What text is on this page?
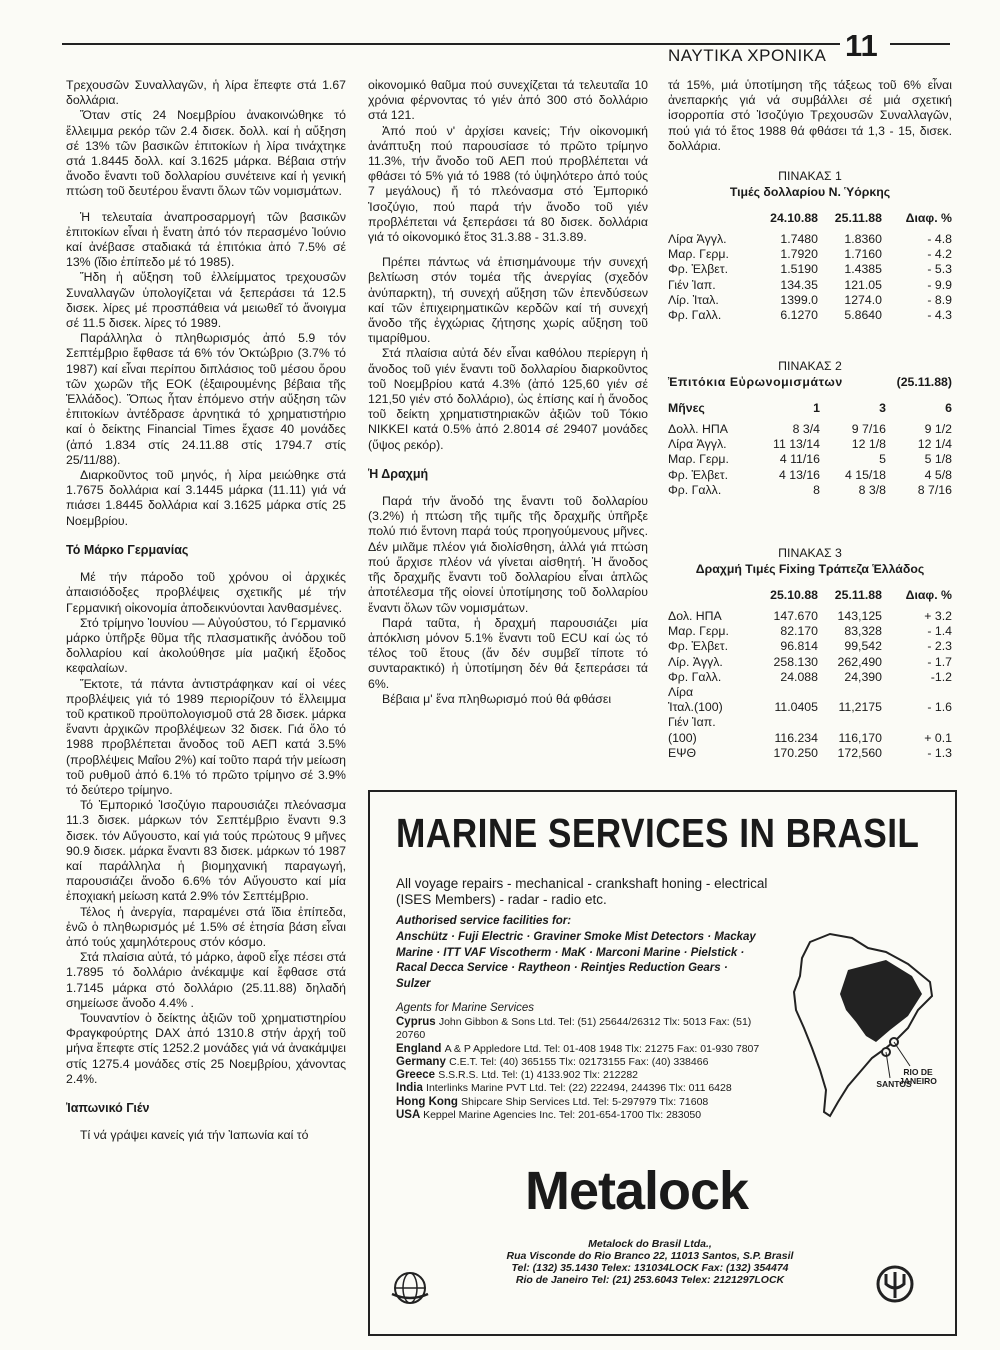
ΝΑΥΤΙΚΑ ΧΡΟΝΙΚΑ 11

Τρεχουσῶν Συναλλαγῶν, ἡ λίρα ἔπεφτε στά 1.67 δολλάρια.

Ὅταν στίς 24 Νοεμβρίου ἀνακοινώθηκε τό ἔλλειμμα ρεκόρ τῶν 2.4 δισεκ. δολλ. καί ἡ αὔξηση σέ 13% τῶν βασικῶν ἐπιτοκίων ἡ λίρα τινάχτηκε στά 1.8445 δολλ. καί 3.1625 μάρκα. Βέβαια στήν ἄνοδο ἔναντι τοῦ δολλαρίου συνέτεινε καί ἡ γενική πτώση τοῦ δευτέρου ἔναντι ὅλων τῶν νομισμάτων.

Ἡ τελευταία ἀναπροσαρμογή τῶν βασικῶν ἐπιτοκίων εἶναι ἡ ἔνατη ἀπό τόν περασμένο Ἰούνιο καί ἀνέβασε σταδιακά τά ἐπιτόκια ἀπό 7.5% σέ 13% (ἴδιο ἐπίπεδο μέ τό 1985).

Ἤδη ἡ αὔξηση τοῦ ἐλλείμματος τρεχουσῶν Συναλλαγῶν ὑπολογίζεται νά ξεπεράσει τά 12.5 δισεκ. λίρες μέ προσπάθεια νά μειωθεῖ τό ἄνοιγμα σέ 11.5 δισεκ. λίρες τό 1989.

Παράλληλα ὁ πληθωρισμός ἀπό 5.9 τόν Σεπτέμβριο ἔφθασε τά 6% τόν Ὀκτώβριο (3.7% τό 1987) καί εἶναι περίπου διπλάσιος τοῦ μέσου ὅρου τῶν χωρῶν τῆς ΕΟΚ (ἐξαιρουμένης βέβαια τῆς Ἑλλάδος). Ὅπως ἦταν ἑπόμενο στήν αὔξηση τῶν ἐπιτοκίων ἀντέδρασε ἀρνητικά τό χρηματιστήριο καί ὁ δείκτης Financial Times ἔχασε 40 μονάδες (ἀπό 1.834 στίς 24.11.88 στίς 1794.7 στίς 25/11/88).

Διαρκοῦντος τοῦ μηνός, ἡ λίρα μειώθηκε στά 1.7675 δολλάρια καί 3.1445 μάρκα (11.11) γιά νά πιάσει 1.8445 δολλάρια καί 3.1625 μάρκα στίς 25 Νοεμβρίου.

Τό Μάρκο Γερμανίας

Μέ τήν πάροδο τοῦ χρόνου οἱ ἀρχικές ἀπαισιόδοξες προβλέψεις σχετικῆς μέ τήν Γερμανική οἰκονομία ἀποδεικνύονται λανθασμένες.

Στό τρίμηνο Ἰουνίου — Αὐγούστου, τό Γερμανικό μάρκο ὑπῆρξε θῦμα τῆς πλασματικῆς ἀνόδου τοῦ δολλαρίου καί ἀκολούθησε μία μαζική ἔξοδος κεφαλαίων.

Ἔκτοτε, τά πάντα ἀντιστράφηκαν καί οἱ νέες προβλέψεις γιά τό 1989 περιορίζουν τό ἔλλειμμα τοῦ κρατικοῦ προϋπολογισμοῦ στά 28 δισεκ. μάρκα ἔναντι ἀρχικῶν προβλέψεων 32 δισεκ. Γιά ὅλο τό 1988 προβλέπεται ἄνοδος τοῦ ΑΕΠ κατά 3.5% (προβλέψεις Μαΐου 2%) καί τοῦτο παρά τήν μείωση τοῦ ρυθμοῦ ἀπό 6.1% τό πρῶτο τρίμηνο σέ 3.9% τό δεύτερο τρίμηνο.

Τό Ἐμπορικό Ἰσοζύγιο παρουσιάζει πλεόνασμα 11.3 δισεκ. μάρκων τόν Σεπτέμβριο ἔναντι 9.3 δισεκ. τόν Αὔγουστο, καί γιά τούς πρώτους 9 μῆνες 90.9 δισεκ. μάρκα ἔναντι 83 δισεκ. μάρκων τό 1987 καί παράλληλα ἡ βιομηχανική παραγωγή, παρουσιάζει ἄνοδο 6.6% τόν Αὔγουστο καί μία ἐποχιακή μείωση κατά 2.9% τόν Σεπτέμβριο.

Τέλος ἡ ἀνεργία, παραμένει στά ἴδια ἐπίπεδα, ἐνῶ ὁ πληθωρισμός μέ 1.5% σέ ἐτησία βάση εἶναι ἀπό τούς χαμηλότερους στόν κόσμο.

Στά πλαίσια αὐτά, τό μάρκο, ἀφοῦ εἶχε πέσει στά 1.7895 τό δολλάριο ἀνέκαμψε καί ἔφθασε στά 1.7145 μάρκα στό δολλάριο (25.11.88) δηλαδή σημείωσε ἄνοδο 4.4% .

Τουναντίον ὁ δείκτης ἀξιῶν τοῦ χρηματιστηρίου Φραγκφούρτης DAX ἀπό 1310.8 στήν ἀρχή τοῦ μήνα ἔπεφτε στίς 1252.2 μονάδες γιά νά ἀνακάμψει στίς 1275.4 μονάδες στίς 25 Νοεμβρίου, χάνοντας 2.4%.

Ἰαπωνικό Γιέν

Τί νά γράψει κανείς γιά τήν Ἰαπωνία καί τό

οἰκονομικό θαῦμα πού συνεχίζεται τά τελευταῖα 10 χρόνια φέρνοντας τό γιέν ἀπό 300 στό δολλάριο στά 121.

Ἀπό πού ν' ἀρχίσει κανείς; Τήν οἰκονομική ἀνάπτυξη πού παρουσίασε τό πρῶτο τρίμηνο 11.3%, τήν ἄνοδο τοῦ ΑΕΠ πού προβλέπεται νά φθάσει τό 5% γιά τό 1988 (τό ὑψηλότερο ἀπό τούς 7 μεγάλους) ἤ τό πλεόνασμα στό Ἐμπορικό Ἰσοζύγιο, πού παρά τήν ἄνοδο τοῦ γιέν προβλέπεται νά ξεπεράσει τά 80 δισεκ. δολλάρια γιά τό οἰκονομικό ἔτος 31.3.88 - 31.3.89.

Πρέπει πάντως νά ἐπισημάνουμε τήν συνεχή βελτίωση στόν τομέα τῆς ἀνεργίας (σχεδόν ἀνύπαρκτη), τή συνεχή αὔξηση τῶν ἐπενδύσεων καί τῶν ἐπιχειρηματικῶν κερδῶν καί τή συνεχή ἄνοδο τῆς ἐγχώριας ζήτησης χωρίς αὔξηση τοῦ τιμαρίθμου.

Στά πλαίσια αὐτά δέν εἶναι καθόλου περίεργη ἡ ἄνοδος τοῦ γιέν ἔναντι τοῦ δολλαρίου διαρκοῦντος τοῦ Νοεμβρίου κατά 4.3% (ἀπό 125,60 γιέν σέ 121,50 γιέν στό δολλάριο), ὡς ἐπίσης καί ἡ ἄνοδος τοῦ δείκτη χρηματιστηριακῶν ἀξιῶν τοῦ Τόκιο NIKKEI κατά 0.5% ἀπό 2.8014 σέ 29407 μονάδες (ὕψος ρεκόρ).

Ἡ Δραχμή

Παρά τήν ἄνοδό της ἔναντι τοῦ δολλαρίου (3.2%) ἡ πτώση τῆς τιμῆς τῆς δραχμῆς ὑπῆρξε πολύ πιό ἔντονη παρά τούς προηγούμενους μῆνες. Δέν μιλᾶμε πλέον γιά διολίσθηση, ἀλλά γιά πτώση πού ἄρχισε πλέον νά γίνεται αἰσθητή. Ἡ ἄνοδος τῆς δραχμῆς ἔναντι τοῦ δολλαρίου εἶναι ἁπλῶς ἀποτέλεσμα τῆς οἰονεί ὑποτίμησης τοῦ δολλαρίου ἔναντι ὅλων τῶν νομισμάτων.

Παρά ταῦτα, ἡ δραχμή παρουσιάζει μία ἀπόκλιση μόνον 5.1% ἔναντι τοῦ ECU καί ὡς τό τέλος τοῦ ἔτους (ἄν δέν συμβεῖ τίποτε τό συνταρακτικό) ἡ ὑποτίμηση δέν θά ξεπεράσει τά 6%.

Βέβαια μ' ἕνα πληθωρισμό πού θά φθάσει

τά 15%, μιά ὑποτίμηση τῆς τάξεως τοῦ 6% εἶναι ἀνεπαρκής γιά νά συμβάλλει σέ μιά σχετική ἰσορροπία στό Ἰσοζύγιο Τρεχουσῶν Συναλλαγῶν, πού γιά τό ἔτος 1988 θά φθάσει τά 1,3 - 15, δισεκ. δολλάρια.

ΠΙΝΑΚΑΣ 1
Τιμές δολλαρίου Ν. Ὑόρκης
	24.10.88	25.11.88	Διαφ. %

Λίρα Ἀγγλ.	1.7480	1.8360	- 4.8
Μαρ. Γερμ.	1.7920	1.7160	- 4.2
Φρ. Ἑλβετ.	1.5190	1.4385	- 5.3
Γιέν Ἰαπ.	134.35	121.05	- 9.9
Λίρ. Ἰταλ.	1399.0	1274.0	- 8.9
Φρ. Γαλλ.	6.1270	5.8640	- 4.3
ΠΙΝΑΚΑΣ 2
Ἐπιτόκια Εὐρωνομισμάτων	(25.11.88)
Μῆνες	1	3	6

Δολλ. ΗΠΑ	8 3/4	9 7/16	9 1/2
Λίρα Ἀγγλ.	11 13/14	12 1/8	12 1/4
Μαρ. Γερμ.	4 11/16	5	5 1/8
Φρ. Ἑλβετ.	4 13/16	4 15/18	4 5/8
Φρ. Γαλλ.	8	8 3/8	8 7/16
ΠΙΝΑΚΑΣ 3
Δραχμή Τιμές Fixing Τράπεζα Ἑλλάδος
	25.10.88	25.11.88	Διαφ. %

Δολ. ΗΠΑ	147.670	143,125	+ 3.2
Μαρ. Γερμ.	82.170	83,328	- 1.4
Φρ. Ἑλβετ.	96.814	99,542	- 2.3
Λίρ. Ἀγγλ.	258.130	262,490	- 1.7
Φρ. Γαλλ.	24.088	24,390	-1.2
Λίρα			
Ἰταλ.(100)	11.0405	11,2175	- 1.6
Γιέν Ἰαπ.			
(100)	116.234	116,170	+ 0.1
ΕΨΘ	170.250	172,560	- 1.3
MARINE SERVICES IN BRASIL
All voyage repairs - mechanical - crankshaft honing - electrical (ISES Members) - radar - radio etc.
Authorised service facilities for:
Anschütz · Fuji Electric · Graviner Smoke Mist Detectors · Mackay Marine · ITT VAF Viscotherm · MaK · Marconi Marine · Pielstick · Racal Decca Service · Raytheon · Reintjes Reduction Gears · Sulzer
Agents for Marine Services
Cyprus John Gibbon & Sons Ltd. Tel: (51) 25644/26312 Tlx: 5013 Fax: (51) 20760
England A & P Appledore Ltd. Tel: 01-408 1948 Tlx: 21275 Fax: 01-930 7807
Germany C.E.T. Tel: (40) 365155 Tlx: 02173155 Fax: (40) 338466
Greece S.S.R.S. Ltd. Tel: (1) 4133.902 Tlx: 212282
India Interlinks Marine PVT Ltd. Tel: (22) 222494, 244396 Tlx: 011 6428
Hong Kong Shipcare Ship Services Ltd. Tel: 5-297979 Tlx: 71608
USA Keppel Marine Agencies Inc. Tel: 201-654-1700 Tlx: 283050
RIO DE JANEIRO
SANTOS
Metalock
Metalock do Brasil Ltda.,
Rua Visconde do Rio Branco 22, 11013 Santos, S.P. Brasil
Tel: (132) 35.1430 Telex: 131034LOCK Fax: (132) 354474
Rio de Janeiro Tel: (21) 253.6043 Telex: 2121297LOCK
